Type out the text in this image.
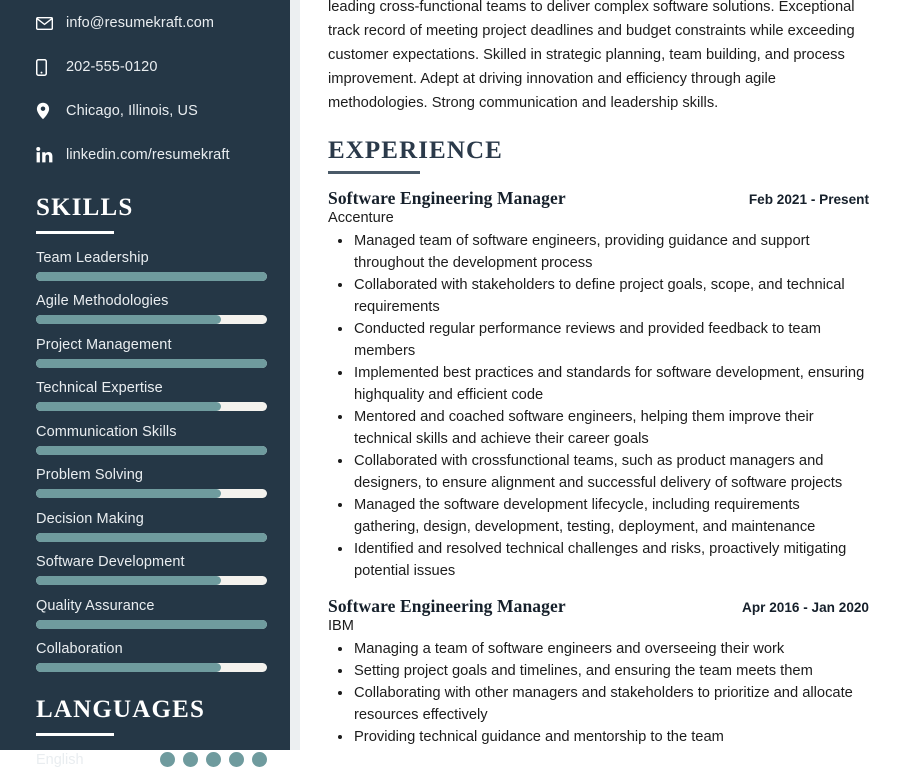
info@resumekraft.com
202-555-0120
Chicago, Illinois, US
linkedin.com/resumekraft
SKILLS
Team Leadership
Agile Methodologies
Project Management
Technical Expertise
Communication Skills
Problem Solving
Decision Making
Software Development
Quality Assurance
Collaboration
LANGUAGES
English

leading cross-functional teams to deliver complex software solutions. Exceptional track record of meeting project deadlines and budget constraints while exceeding customer expectations. Skilled in strategic planning, team building, and process improvement. Adept at driving innovation and efficiency through agile methodologies. Strong communication and leadership skills.

EXPERIENCE
Software Engineering Manager	Feb 2021 - Present
Accenture
Managed team of software engineers, providing guidance and support throughout the development process
Collaborated with stakeholders to define project goals, scope, and technical requirements
Conducted regular performance reviews and provided feedback to team members
Implemented best practices and standards for software development, ensuring highquality and efficient code
Mentored and coached software engineers, helping them improve their technical skills and achieve their career goals
Collaborated with crossfunctional teams, such as product managers and designers, to ensure alignment and successful delivery of software projects
Managed the software development lifecycle, including requirements gathering, design, development, testing, deployment, and maintenance
Identified and resolved technical challenges and risks, proactively mitigating potential issues
Software Engineering Manager	Apr 2016 - Jan 2020
IBM
Managing a team of software engineers and overseeing their work
Setting project goals and timelines, and ensuring the team meets them
Collaborating with other managers and stakeholders to prioritize and allocate resources effectively
Providing technical guidance and mentorship to the team
